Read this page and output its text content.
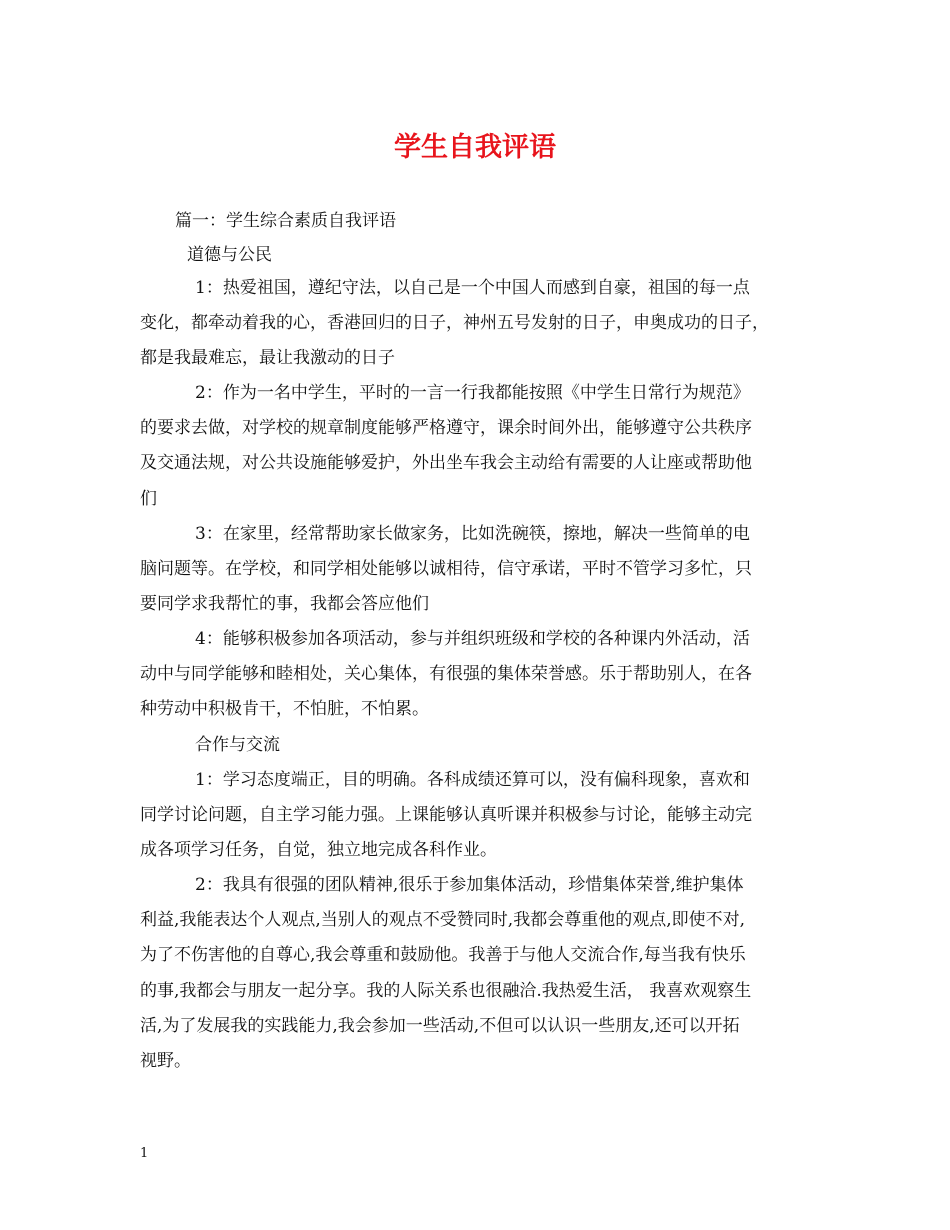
学生自我评语
篇一：学生综合素质自我评语
道德与公民
1：热爱祖国，遵纪守法，以自己是一个中国人而感到自豪，祖国的每一点
变化，都牵动着我的心，香港回归的日子，神州五号发射的日子，申奥成功的日子，
都是我最难忘，最让我激动的日子
2：作为一名中学生，平时的一言一行我都能按照《中学生日常行为规范》
的要求去做，对学校的规章制度能够严格遵守，课余时间外出，能够遵守公共秩序
及交通法规，对公共设施能够爱护，外出坐车我会主动给有需要的人让座或帮助他
们
3：在家里，经常帮助家长做家务，比如洗碗筷，擦地，解决一些简单的电
脑问题等。在学校，和同学相处能够以诚相待，信守承诺，平时不管学习多忙，只
要同学求我帮忙的事，我都会答应他们
4：能够积极参加各项活动，参与并组织班级和学校的各种课内外活动，活
动中与同学能够和睦相处，关心集体，有很强的集体荣誉感。乐于帮助别人，在各
种劳动中积极肯干，不怕脏，不怕累。
合作与交流
1：学习态度端正，目的明确。各科成绩还算可以，没有偏科现象，喜欢和
同学讨论问题，自主学习能力强。上课能够认真听课并积极参与讨论，能够主动完
成各项学习任务，自觉，独立地完成各科作业。
2：我具有很强的团队精神,很乐于参加集体活动，珍惜集体荣誉,维护集体
利益,我能表达个人观点,当别人的观点不受赞同时,我都会尊重他的观点,即使不对,
为了不伤害他的自尊心,我会尊重和鼓励他。我善于与他人交流合作,每当我有快乐
的事,我都会与朋友一起分享。我的人际关系也很融洽.我热爱生活， 我喜欢观察生
活,为了发展我的实践能力,我会参加一些活动,不但可以认识一些朋友,还可以开拓
视野。
1
